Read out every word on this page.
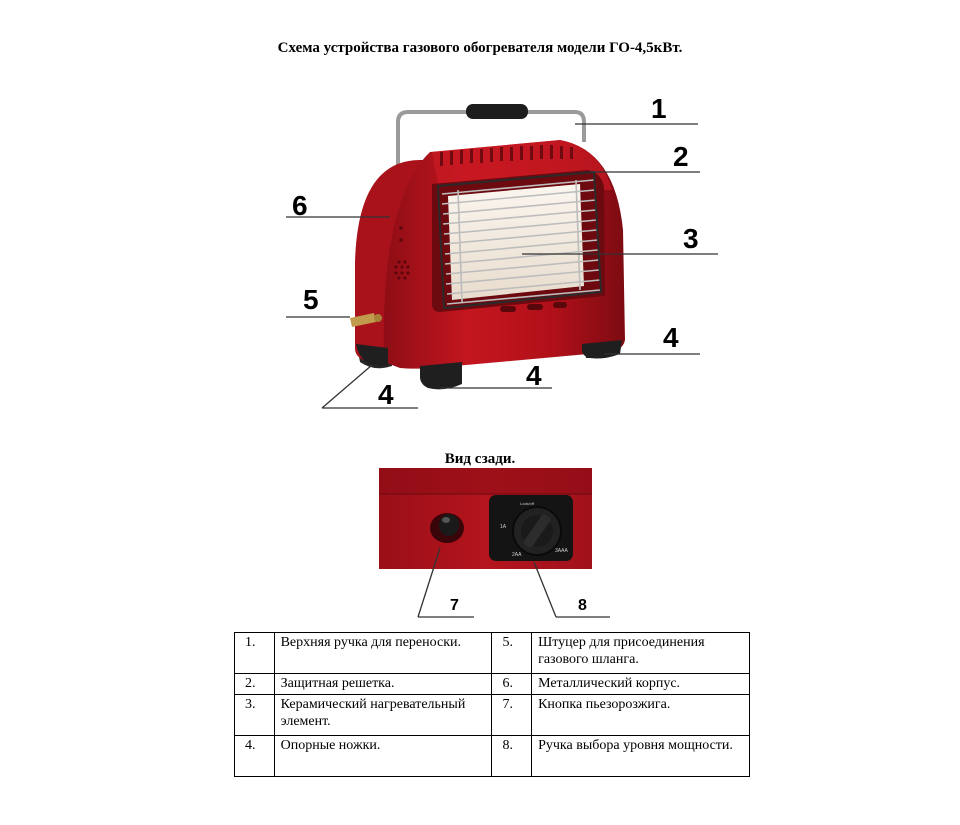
Схема устройства газового обогревателя модели ГО-4,5кВт.
1
2
3
6
5
4
4
4
Lock/off
1A
2AA
3AAA
7	8
Вид сзади.
1.	Верхняя ручка для переноски.	5.	Штуцер для присоединения газового шланга.
2.	Защитная решетка.	6.	Металлический корпус.
3.	Керамический нагревательный элемент.	7.	Кнопка пьезорозжига.
4.	Опорные ножки.	8.	Ручка выбора уровня мощности.
